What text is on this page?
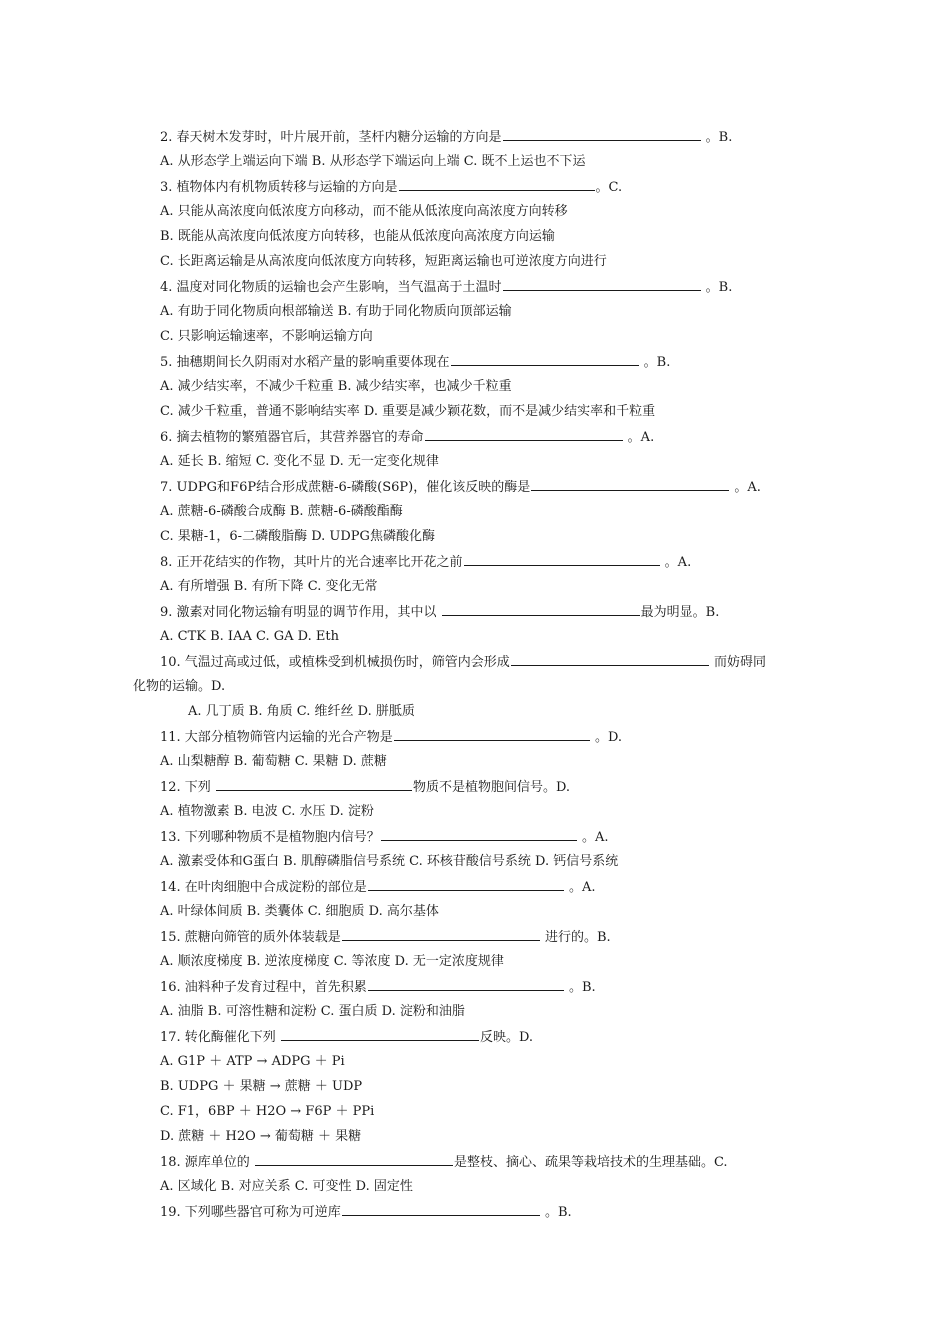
2. 春天树木发芽时，叶片展开前，茎杆内糖分运输的方向是	。B.
A. 从形态学上端运向下端 B. 从形态学下端运向上端 C. 既不上运也不下运
3. 植物体内有机物质转移与运输的方向是	。C.
A. 只能从高浓度向低浓度方向移动，而不能从低浓度向高浓度方向转移
B. 既能从高浓度向低浓度方向转移，也能从低浓度向高浓度方向运输
C. 长距离运输是从高浓度向低浓度方向转移，短距离运输也可逆浓度方向进行
4. 温度对同化物质的运输也会产生影响，当气温高于土温时	。B.
A. 有助于同化物质向根部输送 B. 有助于同化物质向顶部运输
C. 只影响运输速率，不影响运输方向
5. 抽穗期间长久阴雨对水稻产量的影响重要体现在	。B.
A. 减少结实率，不减少千粒重 B. 减少结实率，也减少千粒重
C. 减少千粒重，普通不影响结实率 D. 重要是减少颖花数，而不是减少结实率和千粒重
6. 摘去植物的繁殖器官后，其营养器官的寿命	。A.
A. 延长 B. 缩短 C. 变化不显 D. 无一定变化规律
7. UDPG和F6P结合形成蔗糖-6-磷酸(S6P)，催化该反映的酶是	。A.
A. 蔗糖-6-磷酸合成酶 B. 蔗糖-6-磷酸酯酶
C. 果糖-1，6-二磷酸脂酶 D. UDPG焦磷酸化酶
8. 正开花结实的作物，其叶片的光合速率比开花之前	。A.
A. 有所增强 B. 有所下降 C. 变化无常
9. 激素对同化物运输有明显的调节作用，其中以	最为明显。B.
A. CTK B. IAA C. GA D. Eth
10. 气温过高或过低，或植株受到机械损伤时，筛管内会形成	而妨碍同
化物的运输。D.
A. 几丁质 B. 角质 C. 维纤丝 D. 胼胝质
11. 大部分植物筛管内运输的光合产物是	。D.
A. 山梨糖醇 B. 葡萄糖 C. 果糖 D. 蔗糖
12. 下列	物质不是植物胞间信号。D.
A. 植物激素 B. 电波 C. 水压 D. 淀粉
13. 下列哪种物质不是植物胞内信号？	。A.
A. 激素受体和G蛋白 B. 肌醇磷脂信号系统 C. 环核苷酸信号系统 D. 钙信号系统
14. 在叶肉细胞中合成淀粉的部位是	。A.
A. 叶绿体间质 B. 类囊体 C. 细胞质 D. 高尔基体
15. 蔗糖向筛管的质外体装载是	进行的。B.
A. 顺浓度梯度 B. 逆浓度梯度 C. 等浓度 D. 无一定浓度规律
16. 油料种子发育过程中，首先积累	。B.
A. 油脂 B. 可溶性糖和淀粉 C. 蛋白质 D. 淀粉和油脂
17. 转化酶催化下列	反映。D.
A. G1P ＋ ATP → ADPG ＋ Pi
B. UDPG ＋ 果糖 → 蔗糖 ＋ UDP
C. F1，6BP ＋ H2O → F6P ＋ PPi
D. 蔗糖 ＋ H2O → 葡萄糖 ＋ 果糖
18. 源库单位的	是整枝、摘心、疏果等栽培技术的生理基础。C.
A. 区域化 B. 对应关系 C. 可变性 D. 固定性
19. 下列哪些器官可称为可逆库	。B.
